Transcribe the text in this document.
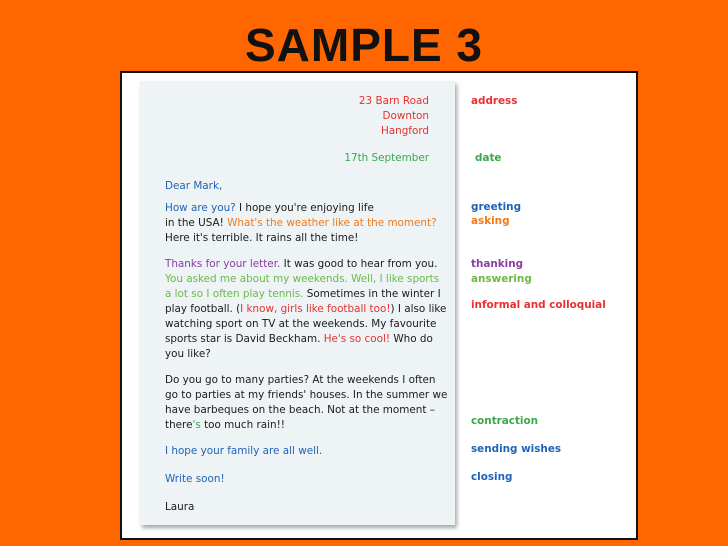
SAMPLE 3
23 Barn Road
Downton
Hangford
17th September
Dear Mark,
How are you? I hope you're enjoying life
in the USA! What's the weather like at the moment?
Here it's terrible. It rains all the time!
Thanks for your letter. It was good to hear from you.
You asked me about my weekends. Well, I like sports
a lot so I often play tennis. Sometimes in the winter I
play football. (I know, girls like football too!) I also like
watching sport on TV at the weekends. My favourite
sports star is David Beckham. He's so cool! Who do
you like?
Do you go to many parties? At the weekends I often
go to parties at my friends' houses. In the summer we
have barbeques on the beach. Not at the moment –
there's too much rain!!
I hope your family are all well.
Write soon!
Laura
address
date
greeting
asking
thanking
answering
informal and colloquial
contraction
sending wishes
closing
